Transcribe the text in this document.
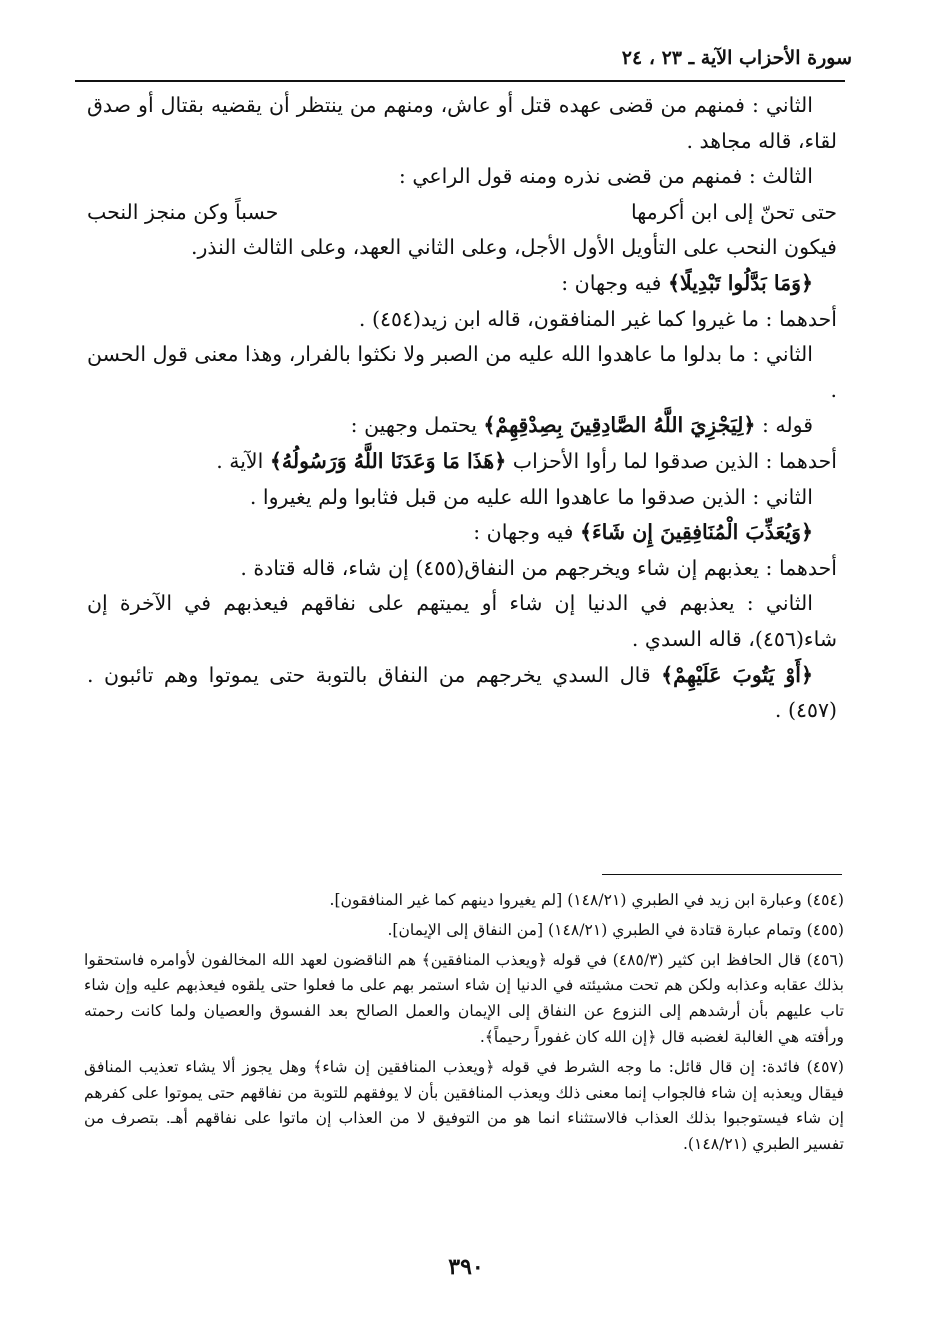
سورة الأحزاب الآية ـ ٢٣ ، ٢٤

الثاني : فمنهم من قضى عهده قتل أو عاش، ومنهم من ينتظر أن يقضيه بقتال أو صدق لقاء، قاله مجاهد .

الثالث : فمنهم من قضى نذره ومنه قول الراعي :

حتى تحنّ إلى ابن أكرمها
حسباً وكن منجز النحب

فيكون النحب على التأويل الأول الأجل، وعلى الثاني العهد، وعلى الثالث النذر.

﴿وَمَا بَدَّلُوا تَبْدِيلًا﴾ فيه وجهان :

أحدهما : ما غيروا كما غير المنافقون، قاله ابن زيد(٤٥٤) .

الثاني : ما بدلوا ما عاهدوا الله عليه من الصبر ولا نكثوا بالفرار، وهذا معنى قول الحسن .

قوله : ﴿لِيَجْزِيَ اللَّهُ الصَّادِقِينَ بِصِدْقِهِمْ﴾ يحتمل وجهين :

أحدهما : الذين صدقوا لما رأوا الأحزاب ﴿هَذَا مَا وَعَدَنَا اللَّهُ وَرَسُولُهُ﴾ الآية .

الثاني : الذين صدقوا ما عاهدوا الله عليه من قبل فثابوا ولم يغيروا .

﴿وَيُعَذِّبَ الْمُنَافِقِينَ إِن شَاءَ﴾ فيه وجهان :

أحدهما : يعذبهم إن شاء ويخرجهم من النفاق(٤٥٥) إن شاء، قاله قتادة .

الثاني : يعذبهم في الدنيا إن شاء أو يميتهم على نفاقهم فيعذبهم في الآخرة إن شاء(٤٥٦)، قاله السدي .

﴿أَوْ يَتُوبَ عَلَيْهِمْ﴾ قال السدي يخرجهم من النفاق بالتوبة حتى يموتوا وهم تائبون . (٤٥٧) .

(٤٥٤) وعبارة ابن زيد في الطبري (١٤٨/٢١) [لم يغيروا دينهم كما غير المنافقون].

(٤٥٥) وتمام عبارة قتادة في الطبري (١٤٨/٢١) [من النفاق إلى الإيمان].

(٤٥٦) قال الحافظ ابن كثير (٤٨٥/٣) في قوله ﴿ويعذب المنافقين﴾ هم الناقضون لعهد الله المخالفون لأوامره فاستحقوا بذلك عقابه وعذابه ولكن هم تحت مشيئته في الدنيا إن شاء استمر بهم على ما فعلوا حتى يلقوه فيعذبهم عليه وإن شاء تاب عليهم بأن أرشدهم إلى النزوع عن النفاق إلى الإيمان والعمل الصالح بعد الفسوق والعصيان ولما كانت رحمته ورأفته هي الغالبة لغضبه قال ﴿إن الله كان غفوراً رحيماً﴾.

(٤٥٧) فائدة: إن قال قائل: ما وجه الشرط في قوله ﴿ويعذب المنافقين إن شاء﴾ وهل يجوز ألا يشاء تعذيب المنافق فيقال ويعذبه إن شاء فالجواب إنما معنى ذلك ويعذب المنافقين بأن لا يوفقهم للتوبة من نفاقهم حتى يموتوا على كفرهم إن شاء فيستوجبوا بذلك العذاب فالاستثناء انما هو من التوفيق لا من العذاب إن ماتوا على نفاقهم أهـ. بتصرف من تفسير الطبري (١٤٨/٢١).

٣٩٠
